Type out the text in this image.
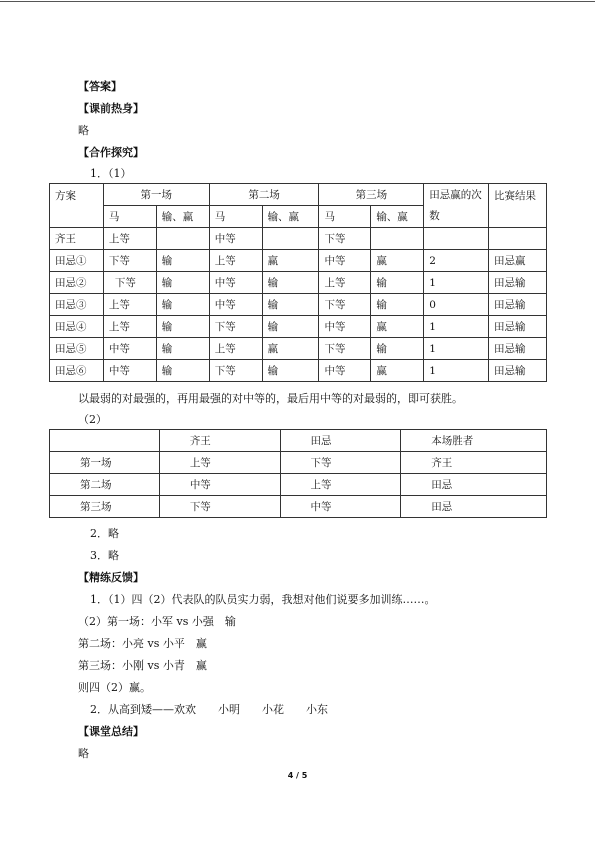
【答案】
【课前热身】
略
【合作探究】
1．（1）
方案	第一场		第二场		第三场		田忌赢的次数	比赛结果
	马	输、赢	马	输、赢	马	输、赢		
齐王	上等		中等		下等			
田忌①	下等	输	上等	赢	中等	赢	2	田忌赢
田忌②	下等	输	中等	输	上等	输	1	田忌输
田忌③	上等	输	中等	输	下等	输	0	田忌输
田忌④	上等	输	下等	输	中等	赢	1	田忌输
田忌⑤	中等	输	上等	赢	下等	输	1	田忌输
田忌⑥	中等	输	下等	输	中等	赢	1	田忌输
以最弱的对最强的，再用最强的对中等的，最后用中等的对最弱的，即可获胜。
（2）
	齐王	田忌	本场胜者
第一场	上等	下等	齐王
第二场	中等	上等	田忌
第三场	下等	中等	田忌
2．略
3．略
【精练反馈】
1．（1）四（2）代表队的队员实力弱，我想对他们说要多加训练……。
（2）第一场：小军 vs 小强　输
第二场：小亮 vs 小平　赢
第三场：小刚 vs 小青　赢
则四（2）赢。
2．从高到矮——欢欢　　小明　　小花　　小东
【课堂总结】
略
4 / 5
